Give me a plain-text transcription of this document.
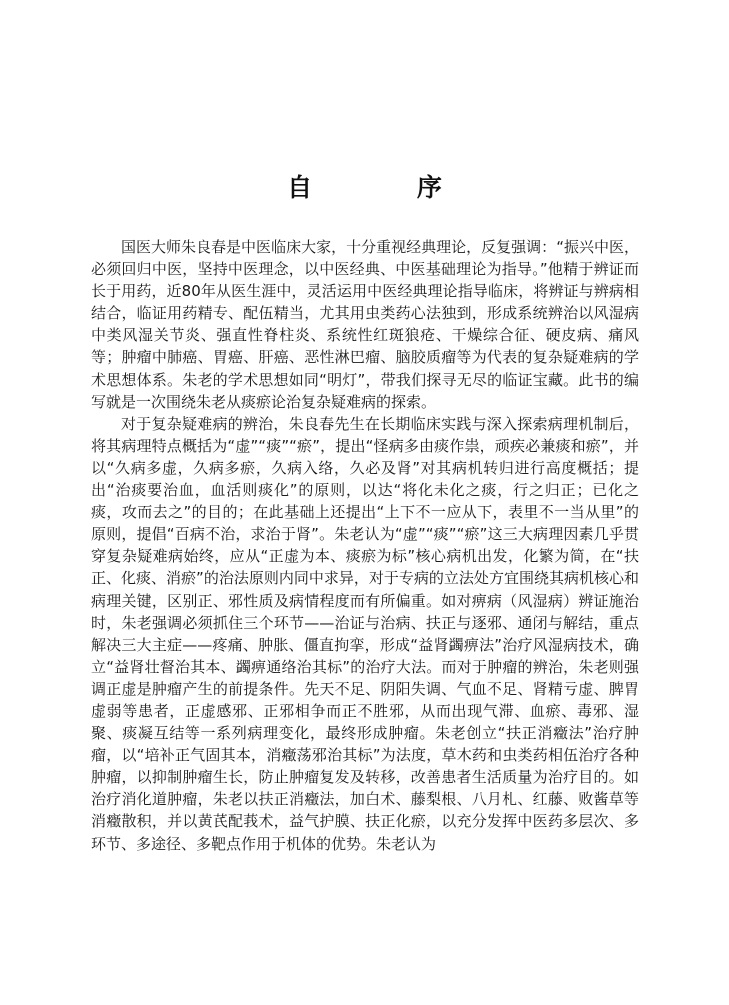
自 序

国医大师朱良春是中医临床大家，十分重视经典理论，反复强调：“振兴中医，必须回归中医，坚持中医理念，以中医经典、中医基础理论为指导。”他精于辨证而长于用药，近80年从医生涯中，灵活运用中医经典理论指导临床，将辨证与辨病相结合，临证用药精专、配伍精当，尤其用虫类药心法独到，形成系统辨治以风湿病中类风湿关节炎、强直性脊柱炎、系统性红斑狼疮、干燥综合征、硬皮病、痛风等；肿瘤中肺癌、胃癌、肝癌、恶性淋巴瘤、脑胶质瘤等为代表的复杂疑难病的学术思想体系。朱老的学术思想如同“明灯”，带我们探寻无尽的临证宝藏。此书的编写就是一次围绕朱老从痰瘀论治复杂疑难病的探索。

对于复杂疑难病的辨治，朱良春先生在长期临床实践与深入探索病理机制后，将其病理特点概括为“虚”“痰”“瘀”，提出“怪病多由痰作祟，顽疾必兼痰和瘀”，并以“久病多虚，久病多瘀，久病入络，久必及肾”对其病机转归进行高度概括；提出“治痰要治血，血活则痰化”的原则，以达“将化未化之痰，行之归正；已化之痰，攻而去之”的目的；在此基础上还提出“上下不一应从下，表里不一当从里”的原则，提倡“百病不治，求治于肾”。朱老认为“虚”“痰”“瘀”这三大病理因素几乎贯穿复杂疑难病始终，应从“正虚为本、痰瘀为标”核心病机出发，化繁为简，在“扶正、化痰、消瘀”的治法原则内同中求异，对于专病的立法处方宜围绕其病机核心和病理关键，区别正、邪性质及病情程度而有所偏重。如对痹病（风湿病）辨证施治时，朱老强调必须抓住三个环节——治证与治病、扶正与逐邪、通闭与解结，重点解决三大主症——疼痛、肿胀、僵直拘挛，形成“益肾蠲痹法”治疗风湿病技术，确立“益肾壮督治其本、蠲痹通络治其标”的治疗大法。而对于肿瘤的辨治，朱老则强调正虚是肿瘤产生的前提条件。先天不足、阴阳失调、气血不足、肾精亏虚、脾胃虚弱等患者，正虚感邪、正邪相争而正不胜邪，从而出现气滞、血瘀、毒邪、湿聚、痰凝互结等一系列病理变化，最终形成肿瘤。朱老创立“扶正消癥法”治疗肿瘤，以“培补正气固其本，消癥荡邪治其标”为法度，草木药和虫类药相伍治疗各种肿瘤，以抑制肿瘤生长，防止肿瘤复发及转移，改善患者生活质量为治疗目的。如治疗消化道肿瘤，朱老以扶正消癥法，加白术、藤梨根、八月札、红藤、败酱草等消癥散积，并以黄芪配莪术，益气护膜、扶正化瘀，以充分发挥中医药多层次、多环节、多途径、多靶点作用于机体的优势。朱老认为
